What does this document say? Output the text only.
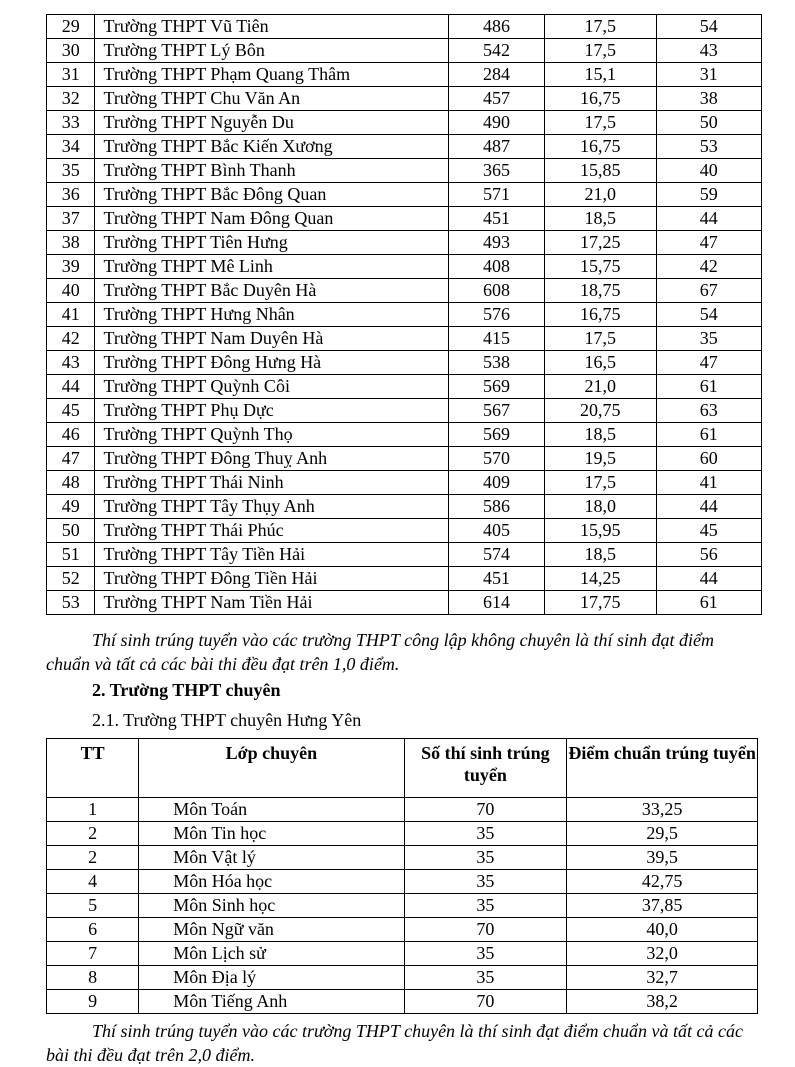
29	Trường THPT Vũ Tiên	486	17,5	54
30	Trường THPT Lý Bôn	542	17,5	43
31	Trường THPT Phạm Quang Thâm	284	15,1	31
32	Trường THPT Chu Văn An	457	16,75	38
33	Trường THPT Nguyễn Du	490	17,5	50
34	Trường THPT Bắc Kiến Xương	487	16,75	53
35	Trường THPT Bình Thanh	365	15,85	40
36	Trường THPT Bắc Đông Quan	571	21,0	59
37	Trường THPT Nam Đông Quan	451	18,5	44
38	Trường THPT Tiên Hưng	493	17,25	47
39	Trường THPT Mê Linh	408	15,75	42
40	Trường THPT Bắc Duyên Hà	608	18,75	67
41	Trường THPT Hưng Nhân	576	16,75	54
42	Trường THPT Nam Duyên Hà	415	17,5	35
43	Trường THPT Đông Hưng Hà	538	16,5	47
44	Trường THPT Quỳnh Côi	569	21,0	61
45	Trường THPT Phụ Dực	567	20,75	63
46	Trường THPT Quỳnh Thọ	569	18,5	61
47	Trường THPT Đông Thuỵ Anh	570	19,5	60
48	Trường THPT Thái Ninh	409	17,5	41
49	Trường THPT Tây Thụy Anh	586	18,0	44
50	Trường THPT Thái Phúc	405	15,95	45
51	Trường THPT Tây Tiền Hải	574	18,5	56
52	Trường THPT Đông Tiền Hải	451	14,25	44
53	Trường THPT Nam Tiền Hải	614	17,75	61

Thí sinh trúng tuyển vào các trường THPT công lập không chuyên là thí sinh đạt điểm chuẩn và tất cả các bài thi đều đạt trên 1,0 điểm.

2. Trường THPT chuyên

2.1. Trường THPT chuyên Hưng Yên

TT	Lớp chuyên	Số thí sinh trúng tuyển	Điểm chuẩn trúng tuyển
1	Môn Toán	70	33,25
2	Môn Tin học	35	29,5
2	Môn Vật lý	35	39,5
4	Môn Hóa học	35	42,75
5	Môn Sinh học	35	37,85
6	Môn Ngữ văn	70	40,0
7	Môn Lịch sử	35	32,0
8	Môn Địa lý	35	32,7
9	Môn Tiếng Anh	70	38,2

Thí sinh trúng tuyển vào các trường THPT chuyên là thí sinh đạt điểm chuẩn và tất cả các bài thi đều đạt trên 2,0 điểm.
